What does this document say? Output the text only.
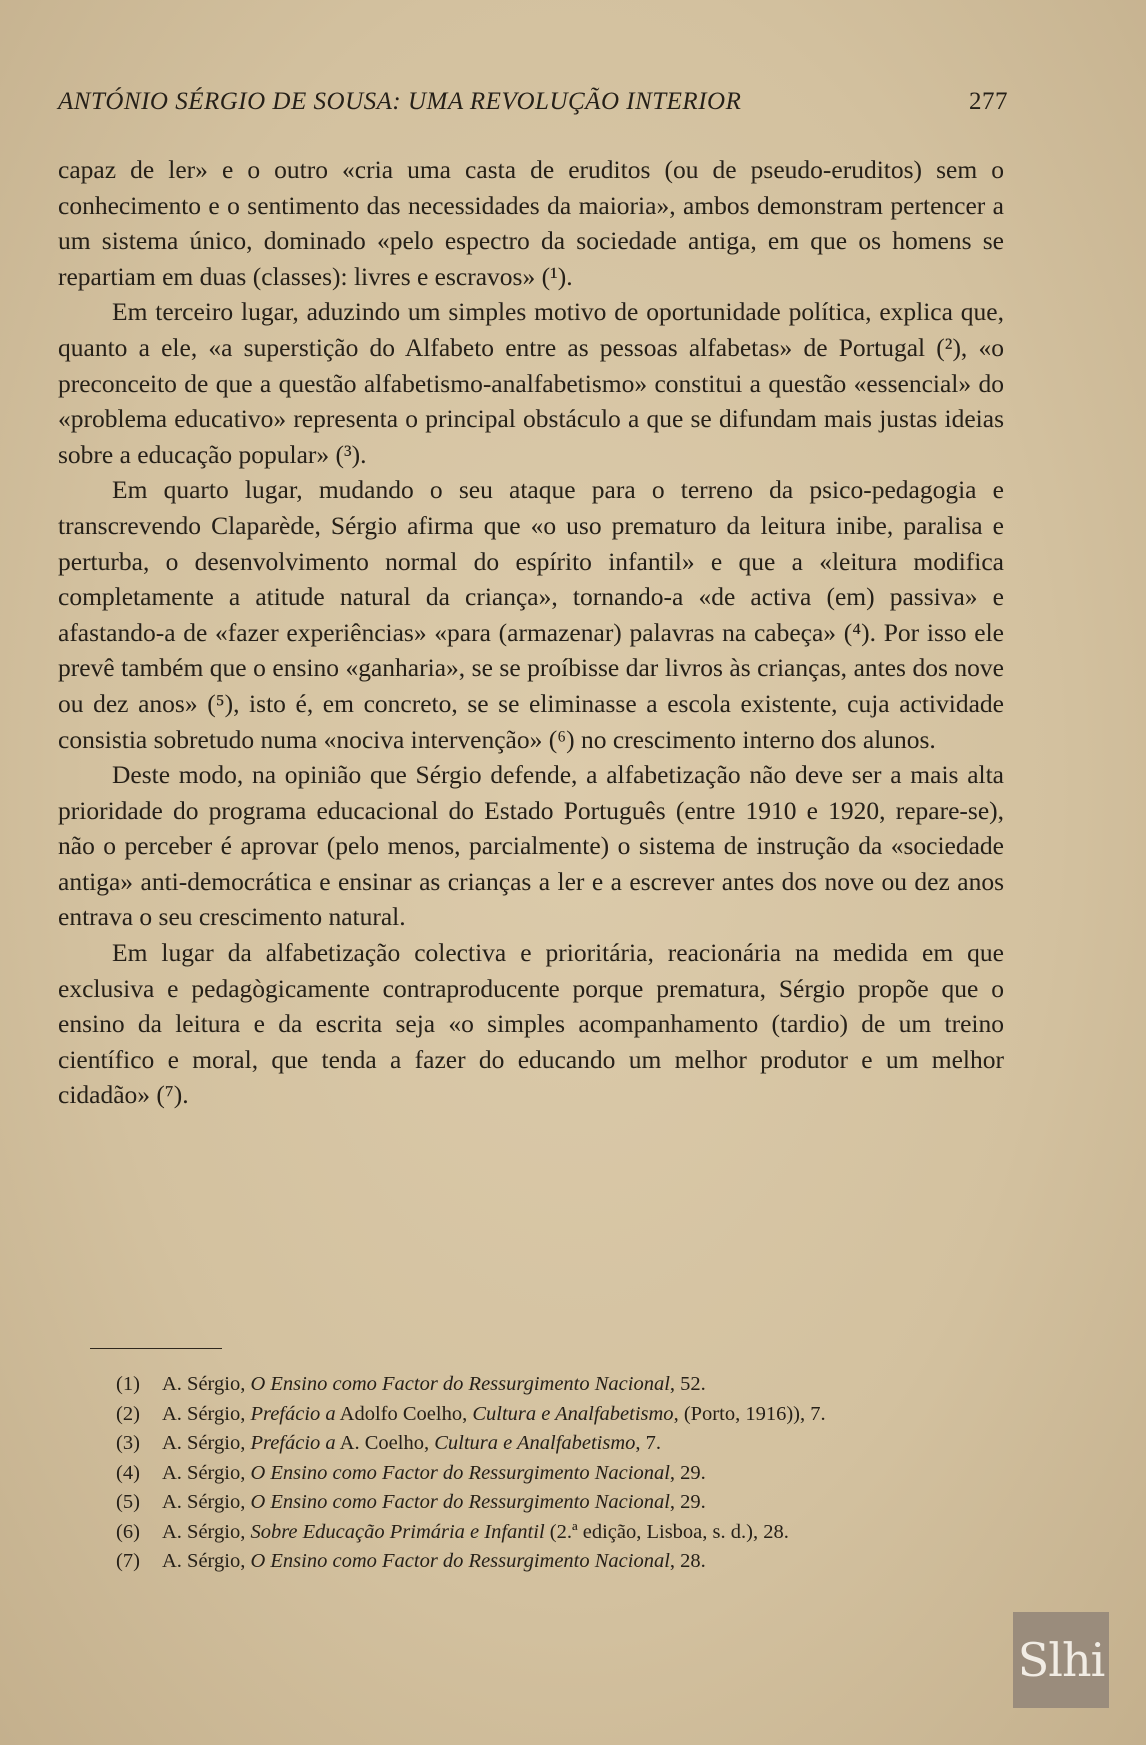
ANTÓNIO SÉRGIO DE SOUSA: UMA REVOLUÇÃO INTERIOR	277

capaz de ler» e o outro «cria uma casta de eruditos (ou de pseudo-eruditos) sem o conhecimento e o sentimento das necessidades da maioria», ambos demonstram pertencer a um sistema único, dominado «pelo espectro da sociedade antiga, em que os homens se repartiam em duas (classes): livres e escravos» (¹).

Em terceiro lugar, aduzindo um simples motivo de oportunidade política, explica que, quanto a ele, «a superstição do Alfabeto entre as pessoas alfabetas» de Portugal (²), «o preconceito de que a questão alfabetismo-analfabetismo» constitui a questão «essencial» do «problema educativo» representa o principal obstáculo a que se difundam mais justas ideias sobre a educação popular» (³).

Em quarto lugar, mudando o seu ataque para o terreno da psico-pedagogia e transcrevendo Claparède, Sérgio afirma que «o uso prematuro da leitura inibe, paralisa e perturba, o desenvolvimento normal do espírito infantil» e que a «leitura modifica completamente a atitude natural da criança», tornando-a «de activa (em) passiva» e afastando-a de «fazer experiências» «para (armazenar) palavras na cabeça» (⁴). Por isso ele prevê também que o ensino «ganharia», se se proíbisse dar livros às crianças, antes dos nove ou dez anos» (⁵), isto é, em concreto, se se eliminasse a escola existente, cuja actividade consistia sobretudo numa «nociva intervenção» (⁶) no crescimento interno dos alunos.

Deste modo, na opinião que Sérgio defende, a alfabetização não deve ser a mais alta prioridade do programa educacional do Estado Português (entre 1910 e 1920, repare-se), não o perceber é aprovar (pelo menos, parcialmente) o sistema de instrução da «sociedade antiga» anti-democrática e ensinar as crianças a ler e a escrever antes dos nove ou dez anos entrava o seu crescimento natural.

Em lugar da alfabetização colectiva e prioritária, reacionária na medida em que exclusiva e pedagògicamente contraproducente porque prematura, Sérgio propõe que o ensino da leitura e da escrita seja «o simples acompanhamento (tardio) de um treino científico e moral, que tenda a fazer do educando um melhor produtor e um melhor cidadão» (⁷).

(1)	A. Sérgio, O Ensino como Factor do Ressurgimento Nacional, 52.
(2)	A. Sérgio, Prefácio a Adolfo Coelho, Cultura e Analfabetismo, (Porto, 1916)), 7.
(3)	A. Sérgio, Prefácio a A. Coelho, Cultura e Analfabetismo, 7.
(4)	A. Sérgio, O Ensino como Factor do Ressurgimento Nacional, 29.
(5)	A. Sérgio, O Ensino como Factor do Ressurgimento Nacional, 29.
(6)	A. Sérgio, Sobre Educação Primária e Infantil (2.ª edição, Lisboa, s. d.), 28.
(7)	A. Sérgio, O Ensino como Factor do Ressurgimento Nacional, 28.
Slhi
